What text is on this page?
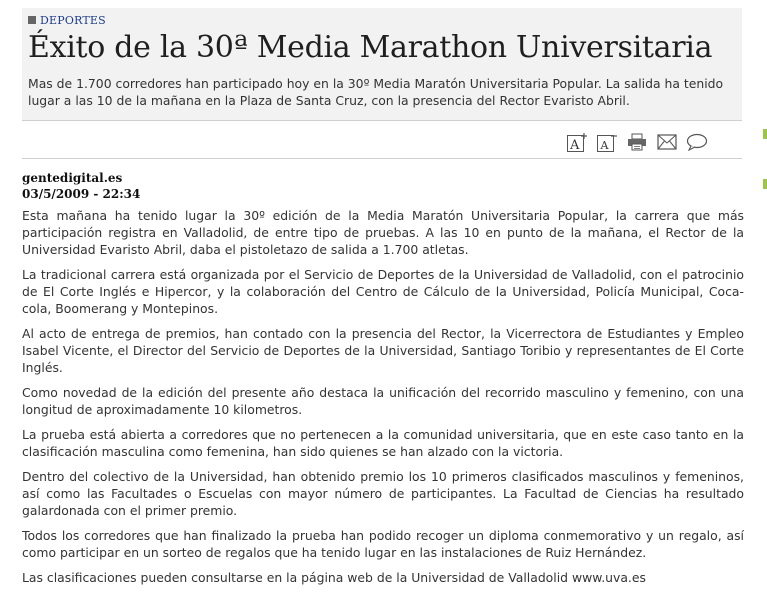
DEPORTES
Éxito de la 30ª Media Marathon Universitaria

Mas de 1.700 corredores han participado hoy en la 30º Media Maratón Universitaria Popular. La salida ha tenido lugar a las 10 de la mañana en la Plaza de Santa Cruz, con la presencia del Rector Evaristo Abril.

A A
gentedigital.es
03/5/2009 - 22:34

Esta mañana ha tenido lugar la 30º edición de la Media Maratón Universitaria Popular, la carrera que más participación registra en Valladolid, de entre tipo de pruebas. A las 10 en punto de la mañana, el Rector de la Universidad Evaristo Abril, daba el pistoletazo de salida a 1.700 atletas.

La tradicional carrera está organizada por el Servicio de Deportes de la Universidad de Valladolid, con el patrocinio de El Corte Inglés e Hipercor, y la colaboración del Centro de Cálculo de la Universidad, Policía Municipal, Coca-cola, Boomerang y Montepinos.

Al acto de entrega de premios, han contado con la presencia del Rector, la Vicerrectora de Estudiantes y Empleo Isabel Vicente, el Director del Servicio de Deportes de la Universidad, Santiago Toribio y representantes de El Corte Inglés.

Como novedad de la edición del presente año destaca la unificación del recorrido masculino y femenino, con una longitud de aproximadamente 10 kilometros.

La prueba está abierta a corredores que no pertenecen a la comunidad universitaria, que en este caso tanto en la clasificación masculina como femenina, han sido quienes se han alzado con la victoria.

Dentro del colectivo de la Universidad, han obtenido premio los 10 primeros clasificados masculinos y femeninos, así como las Facultades o Escuelas con mayor número de participantes. La Facultad de Ciencias ha resultado galardonada con el primer premio.

Todos los corredores que han finalizado la prueba han podido recoger un diploma conmemorativo y un regalo, así como participar en un sorteo de regalos que ha tenido lugar en las instalaciones de Ruiz Hernández.

Las clasificaciones pueden consultarse en la página web de la Universidad de Valladolid www.uva.es
